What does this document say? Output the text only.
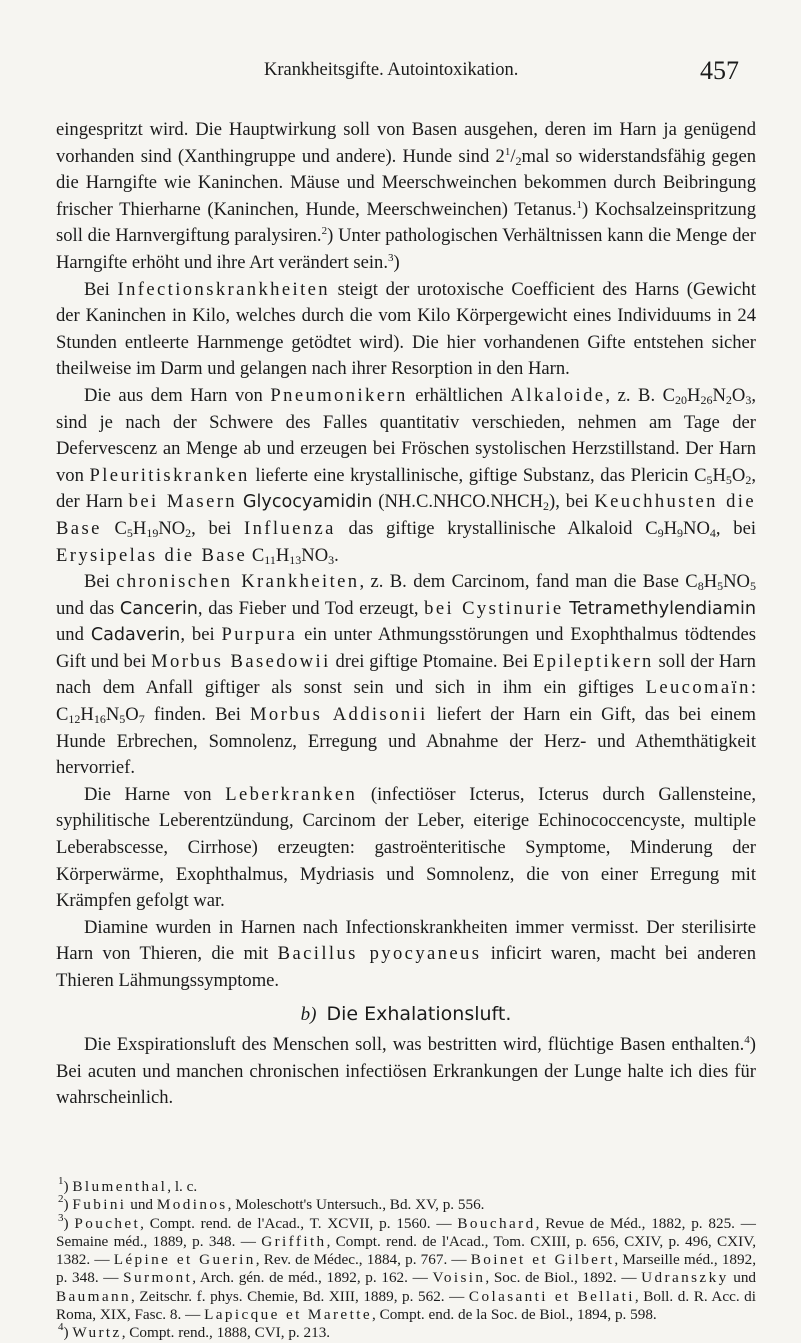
Krankheitsgifte. Autointoxikation.	457

eingespritzt wird. Die Hauptwirkung soll von Basen ausgehen, deren im Harn ja genügend vorhanden sind (Xanthingruppe und andere). Hunde sind $2^1/_2mal$ so widerstandsfähig gegen die Harngifte wie Kaninchen. Mäuse und Meerschweinchen bekommen durch Beibringung frischer Thierharne (Kaninchen, Hunde, Meerschweinchen) Tetanus.$^1$) Kochsalzeinspritzung soll die Harnvergiftung paralysiren.$^2$) Unter pathologischen Verhältnissen kann die Menge der Harngifte erhöht und ihre Art verändert sein.$^3$)

Bei Infectionskrankheiten steigt der urotoxische Coefficient des Harns (Gewicht der Kaninchen in Kilo, welches durch die vom Kilo Körpergewicht eines Individuums in 24 Stunden entleerte Harnmenge getödtet wird). Die hier vorhandenen Gifte entstehen sicher theilweise im Darm und gelangen nach ihrer Resorption in den Harn.

Die aus dem Harn von Pneumonikern erhältlichen Alkaloide, z. B. $C_{20}H_{26}N_2O_3$, sind je nach der Schwere des Falles quantitativ verschieden, nehmen am Tage der Defervescenz an Menge ab und erzeugen bei Fröschen systolischen Herzstillstand. Der Harn von Pleuritiskranken lieferte eine krystallinische, giftige Substanz, das Plericin $C_5H_5O_2$, der Harn bei Masern Glycocyamidin $(NH.C.NHCO.NHCH_2)$, bei Keuchhusten die Base $C_5H_{19}NO_2$, bei Influenza das giftige krystallinische Alkaloid $C_9H_9NO_4$, bei Erysipelas die Base $C_{11}H_{13}NO_3$.

Bei chronischen Krankheiten, z. B. dem Carcinom, fand man die Base $C_8H_5NO_5$ und das Cancerin, das Fieber und Tod erzeugt, bei Cystinurie Tetramethylendiamin und Cadaverin, bei Purpura ein unter Athmungsstörungen und Exophthalmus tödtendes Gift und bei Morbus Basedowii drei giftige Ptomaine. Bei Epileptikern soll der Harn nach dem Anfall giftiger als sonst sein und sich in ihm ein giftiges Leucomaïn: $C_{12}H_{16}N_5O_7$ finden. Bei Morbus Addisonii liefert der Harn ein Gift, das bei einem Hunde Erbrechen, Somnolenz, Erregung und Abnahme der Herz- und Athemthätigkeit hervorrief.

Die Harne von Leberkranken (infectiöser Icterus, Icterus durch Gallensteine, syphilitische Leberentzündung, Carcinom der Leber, eiterige Echinococcencyste, multiple Leberabscesse, Cirrhose) erzeugten: gastroënteritische Symptome, Minderung der Körperwärme, Exophthalmus, Mydriasis und Somnolenz, die von einer Erregung mit Krämpfen gefolgt war.

Diamine wurden in Harnen nach Infectionskrankheiten immer vermisst. Der sterilisirte Harn von Thieren, die mit Bacillus pyocyaneus inficirt waren, macht bei anderen Thieren Lähmungssymptome.

b) Die Exhalationsluft.

Die Exspirationsluft des Menschen soll, was bestritten wird, flüchtige Basen enthalten.$^4$) Bei acuten und manchen chronischen infectiösen Erkrankungen der Lunge halte ich dies für wahrscheinlich.

$^1$) Blumenthal, l. c.

$^2$) Fubini und Modinos, Moleschott's Untersuch., Bd. XV, p. 556.

$^3$) Pouchet, Compt. rend. de l'Acad., T. XCVII, p. 1560. — Bouchard, Revue de Méd., 1882, p. 825. — Semaine méd., 1889, p. 348. — Griffith, Compt. rend. de l'Acad., Tom. CXIII, p. 656, CXIV, p. 496, CXIV, 1382. — Lépine et Guerin, Rev. de Médec., 1884, p. 767. — Boinet et Gilbert, Marseille méd., 1892, p. 348. — Surmont, Arch. gén. de méd., 1892, p. 162. — Voisin, Soc. de Biol., 1892. — Udranszky und Baumann, Zeitschr. f. phys. Chemie, Bd. XIII, 1889, p. 562. — Colasanti et Bellati, Boll. d. R. Acc. di Roma, XIX, Fasc. 8. — Lapicque et Marette, Compt. end. de la Soc. de Biol., 1894, p. 598.

$^4$) Wurtz, Compt. rend., 1888, CVI, p. 213.
